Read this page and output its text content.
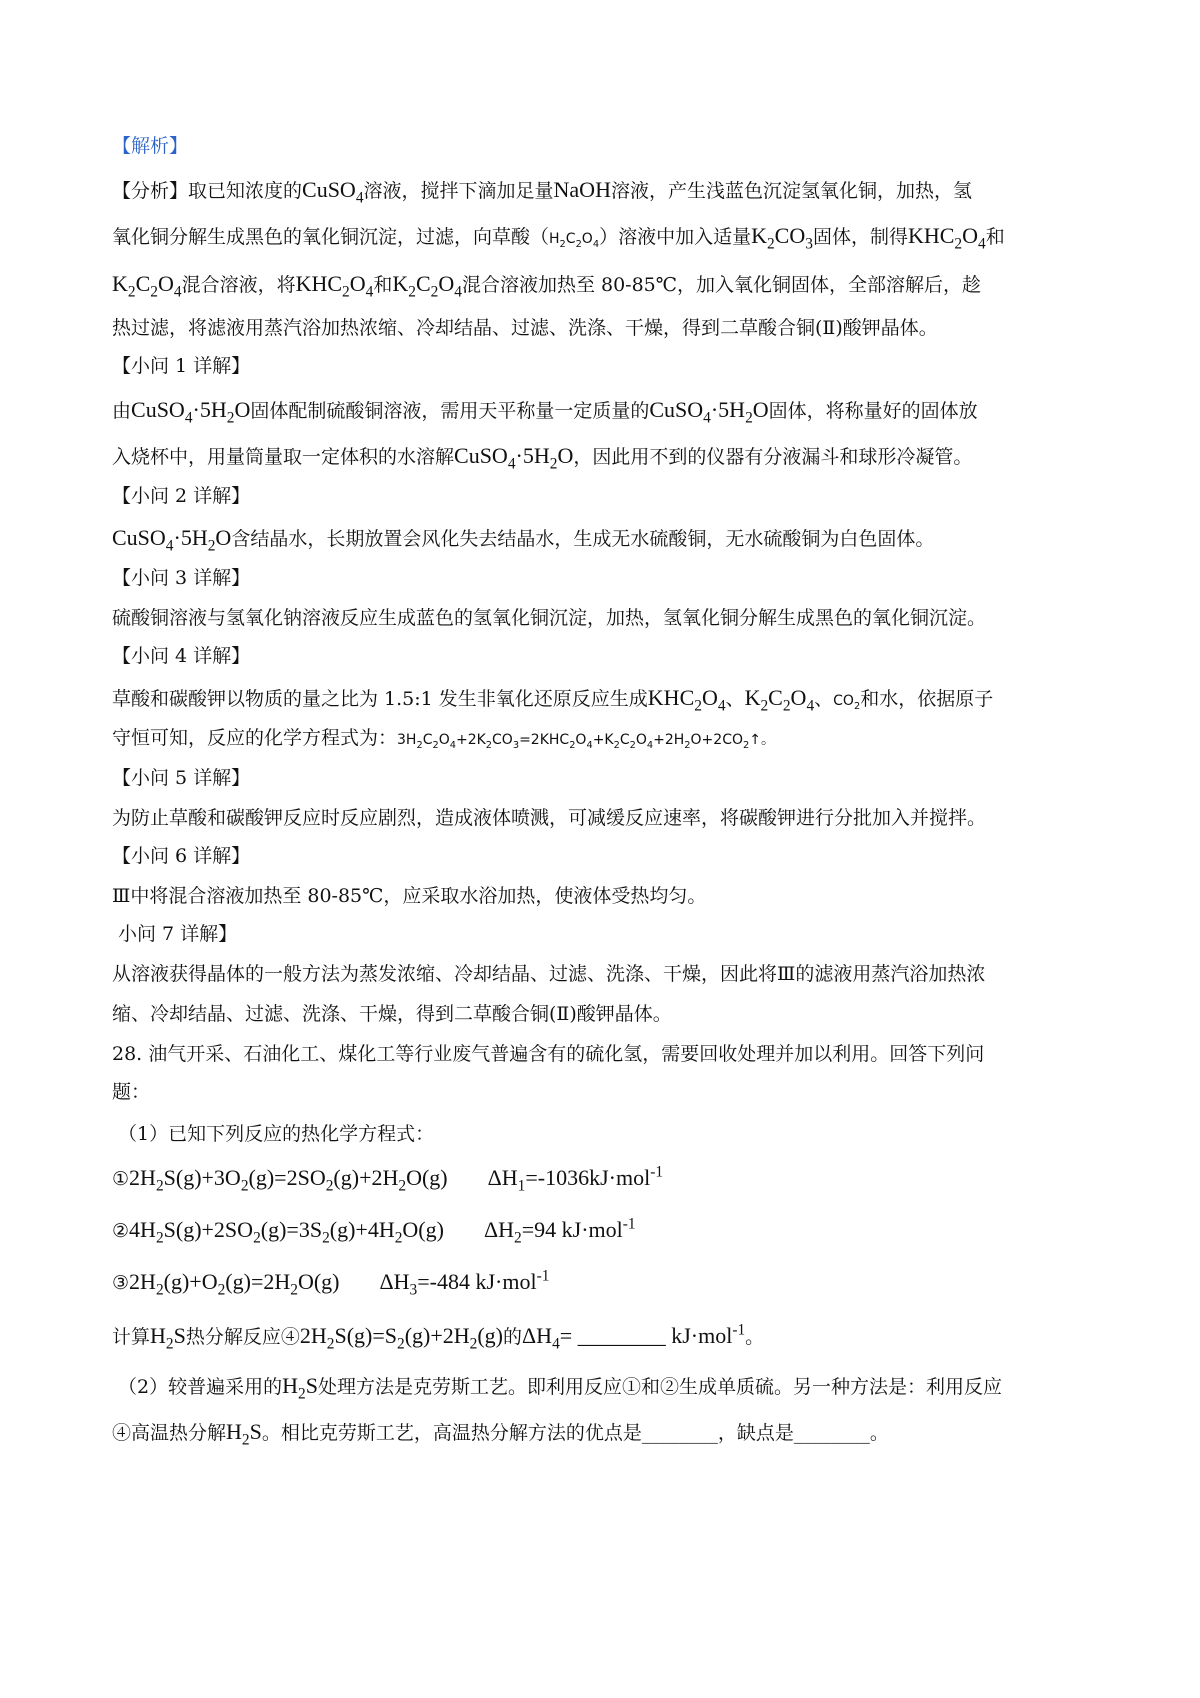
【解析】
【分析】取已知浓度的CuSO$_4$溶液，搅拌下滴加足量NaOH溶液，产生浅蓝色沉淀氢氧化铜，加热，氢
氧化铜分解生成黑色的氧化铜沉淀，过滤，向草酸$(H_2C_2O_4)$溶液中加入适量$K_2CO_3$固体，制得$KHC_2O_4$和
$K_2C_2O_4$混合溶液，将$KHC_2O_4$和$K_2C_2O_4$混合溶液加热至 80-85℃，加入氧化铜固体，全部溶解后，趁
热过滤，将滤液用蒸汽浴加热浓缩、冷却结晶、过滤、洗涤、干燥，得到二草酸合铜(Ⅱ)酸钾晶体。
【小问 1 详解】
由$CuSO_4\cdot 5H_2O$固体配制硫酸铜溶液，需用天平称量一定质量的$CuSO_4\cdot 5H_2O$固体，将称量好的固体放
入烧杯中，用量筒量取一定体积的水溶解$CuSO_4\cdot 5H_2O$，因此用不到的仪器有分液漏斗和球形冷凝管。
【小问 2 详解】
$CuSO_4\cdot 5H_2O$含结晶水，长期放置会风化失去结晶水，生成无水硫酸铜，无水硫酸铜为白色固体。
【小问 3 详解】
硫酸铜溶液与氢氧化钠溶液反应生成蓝色的氢氧化铜沉淀，加热，氢氧化铜分解生成黑色的氧化铜沉淀。
【小问 4 详解】
草酸和碳酸钾以物质的量之比为 1.5:1 发生非氧化还原反应生成$KHC_2O_4$、$K_2C_2O_4$、$CO_2$和水，依据原子
守恒可知，反应的化学方程式为：$3H_2C_2O_4+2K_2CO_3=2KHC_2O_4+K_2C_2O_4+2H_2O+2CO_2↑$。
【小问 5 详解】
为防止草酸和碳酸钾反应时反应剧烈，造成液体喷溅，可减缓反应速率，将碳酸钾进行分批加入并搅拌。
【小问 6 详解】
Ⅲ中将混合溶液加热至 80-85℃，应采取水浴加热，使液体受热均匀。
小问 7 详解】
从溶液获得晶体的一般方法为蒸发浓缩、冷却结晶、过滤、洗涤、干燥，因此将Ⅲ的滤液用蒸汽浴加热浓
缩、冷却结晶、过滤、洗涤、干燥，得到二草酸合铜(Ⅱ)酸钾晶体。
28. 油气开采、石油化工、煤化工等行业废气普遍含有的硫化氢，需要回收处理并加以利用。回答下列问
题：
（1）已知下列反应的热化学方程式：
$①2H_2S(g)+3O_2(g)=2SO_2(g)+2H_2O(g)$ $\Delta H_1=-1036kJ\cdot mol^{-1}$
$②4H_2S(g)+2SO_2(g)=3S_2(g)+4H_2O(g)$ $\Delta H_2=94$ kJ·mol$^{-1}$
$③2H_2(g)+O_2(g)=2H_2O(g)$ $\Delta H_3=-484$ kJ·mol$^{-1}$
计算$H_2S$热分解反应$④2H_2S(g)=S_2(g)+2H_2(g)$的$\Delta H_4=$ ________ kJ·mol$^{-1}$。
（2）较普遍采用的$H_2S$处理方法是克劳斯工艺。即利用反应①和②生成单质硫。另一种方法是：利用反应
④高温热分解$H_2S$。相比克劳斯工艺，高温热分解方法的优点是________，缺点是________。
